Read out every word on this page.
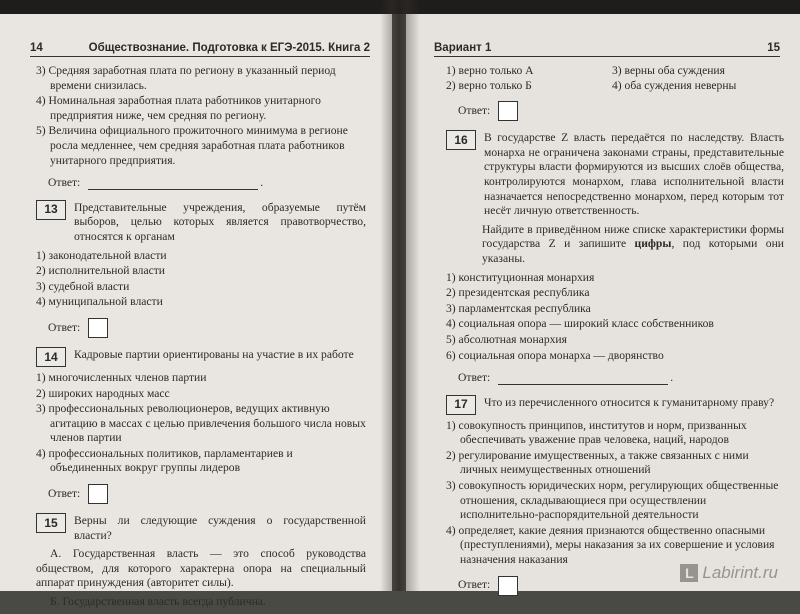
14	Обществознание. Подготовка к ЕГЭ-2015. Книга 2
3) Средняя заработная плата по региону в указанный период времени снизилась.
4) Номинальная заработная плата работников унитарного предприятия ниже, чем средняя по региону.
5) Величина официального прожиточного минимума в регионе росла медленнее, чем средняя заработная плата работников унитарного предприятия.
Ответ:	.
13	Представительные учреждения, образуемые путём выборов, целью которых является правотворчество, относятся к органам
1) законодательной власти
2) исполнительной власти
3) судебной власти
4) муниципальной власти
Ответ:
14	Кадровые партии ориентированы на участие в их работе
1) многочисленных членов партии
2) широких народных масс
3) профессиональных революционеров, ведущих активную агитацию в массах с целью привлечения большого числа новых членов партии
4) профессиональных политиков, парламентариев и объединенных вокруг группы лидеров
Ответ:
15	Верны ли следующие суждения о государственной власти?
А. Государственная власть — это способ руководства обществом, для которого характерна опора на специальный аппарат принуждения (авторитет силы).
Б. Государственная власть всегда публична.
Вариант 1	15
1) верно только А	3) верны оба суждения
2) верно только Б	4) оба суждения неверны
Ответ:
16	В государстве Z власть передаётся по наследству. Власть монарха не ограничена законами страны, представительные структуры власти формируются из высших слоёв общества, контролируются монархом, глава исполнительной власти назначается непосредственно монархом, перед которым тот несёт личную ответственность.
Найдите в приведённом ниже списке характеристики формы государства Z и запишите цифры, под которыми они указаны.
1) конституционная монархия
2) президентская республика
3) парламентская республика
4) социальная опора — широкий класс собственников
5) абсолютная монархия
6) социальная опора монарха — дворянство
Ответ:	.
17	Что из перечисленного относится к гуманитарному праву?
1) совокупность принципов, институтов и норм, призванных обеспечивать уважение прав человека, наций, народов
2) регулирование имущественных, а также связанных с ними личных неимущественных отношений
3) совокупность юридических норм, регулирующих общественные отношения, складывающиеся при осуществлении исполнительно-распорядительной деятельности
4) определяет, какие деяния признаются общественно опасными (преступлениями), меры наказания за их совершение и условия назначения наказания
Ответ:
L Labirint.ru
